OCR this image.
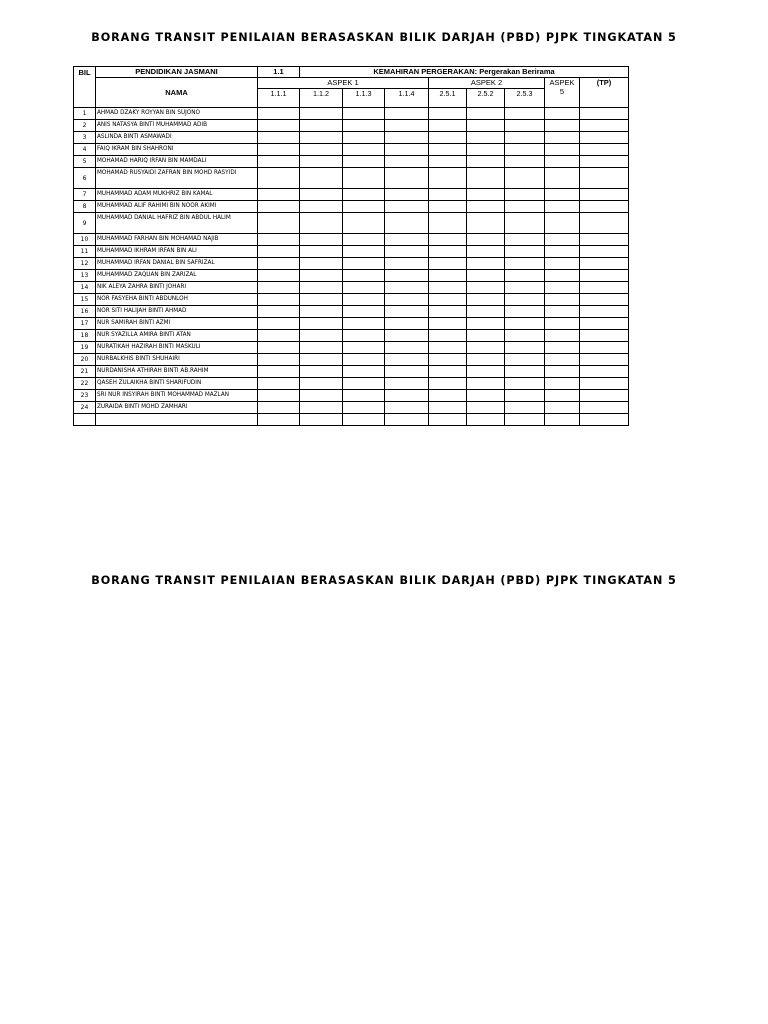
BORANG TRANSIT PENILAIAN BERASASKAN BILIK DARJAH (PBD) PJPK TINGKATAN 5
BIL	PENDIDIKAN JASMANI	1.1	KEMAHIRAN PERGERAKAN: Pergerakan Berirama							
	NAMA	ASPEK 1				ASPEK 2			ASPEK 5	(TP)
		1.1.1	1.1.2	1.1.3	1.1.4	2.5.1	2.5.2	2.5.3		
1	AHMAD DZAKY ROYYAN BIN SUJONO									
2	ANIS NATASYA BINTI MUHAMMAD ADIB									
3	ASLINDA BINTI ASMAWADI									
4	FAIQ IKRAM BIN SHAHRONI									
5	MOHAMAD HARIQ IRFAN BIN MAMDALI									
6	MOHAMAD RUSYAIDI ZAFRAN BIN MOHD RASYIDI									
7	MUHAMMAD ADAM MUKHRIZ BIN KAMAL									
8	MUHAMMAD ALIF RAHIMI BIN NOOR AKIMI									
9	MUHAMMAD DANIAL HAFRIZ BIN ABDUL HALIM									
10	MUHAMMAD FARHAN BIN MOHAMAD NAJIB									
11	MUHAMMAD IKHRAM IRFAN BIN ALI									
12	MUHAMMAD IRFAN DANIAL BIN SAFRIZAL									
13	MUHAMMAD ZAQUAN BIN ZARIZAL									
14	NIK ALEYA ZAHRA BINTI JOHARI									
15	NOR FASYEHA BINTI ABDUNLOH									
16	NOR SITI HALIJAH BINTI AHMAD									
17	NUR SAMIRAH BINTI AZMI									
18	NUR SYAZILLA AMIRA BINTI ATAN									
19	NURATIKAH HAZIRAH BINTI MASKULI									
20	NURBALKHIS BINTI SHUHAIRI									
21	NURDANISHA ATHIRAH BINTI AB.RAHIM									
22	QASEH ZULAIKHA BINTI SHARIFUDIN									
23	SRI NUR INSYIRAH BINTI MOHAMMAD MAZLAN									
24	ZURAIDA BINTI MOHD ZAMHARI									

BORANG TRANSIT PENILAIAN BERASASKAN BILIK DARJAH (PBD) PJPK TINGKATAN 5
